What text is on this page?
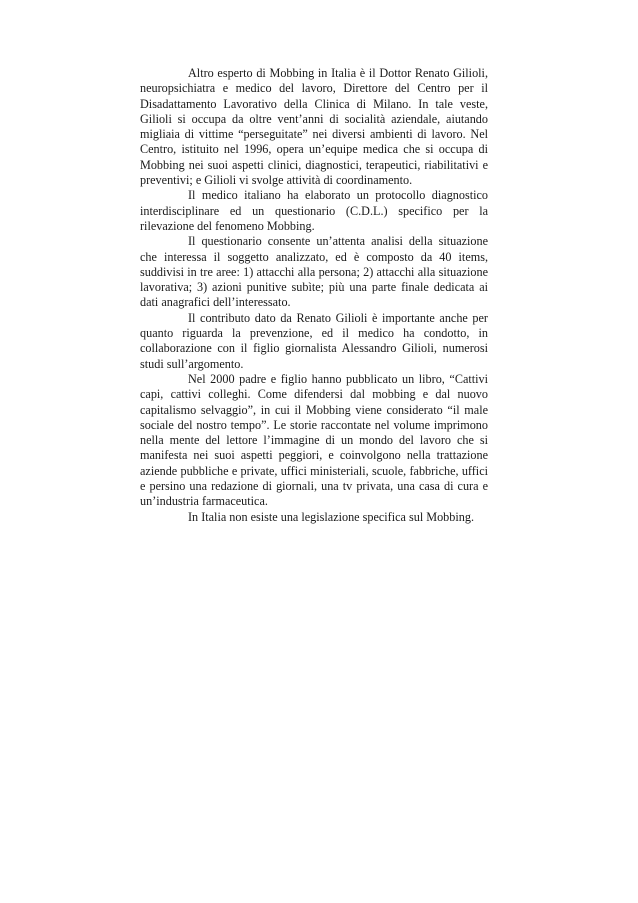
Altro esperto di Mobbing in Italia è il Dottor Renato Gilioli, neuropsichiatra e medico del lavoro, Direttore del Centro per il Disadattamento Lavorativo della Clinica di Milano. In tale veste, Gilioli si occupa da oltre vent’anni di socialità aziendale, aiutando migliaia di vittime “perseguitate” nei diversi ambienti di lavoro. Nel Centro, istituito nel 1996, opera un’equipe medica che si occupa di Mobbing nei suoi aspetti clinici, diagnostici, terapeutici, riabilitativi e preventivi; e Gilioli vi svolge attività di coordinamento.

Il medico italiano ha elaborato un protocollo diagnostico interdisciplinare ed un questionario (C.D.L.) specifico per la rilevazione del fenomeno Mobbing.

Il questionario consente un’attenta analisi della situazione che interessa il soggetto analizzato, ed è composto da 40 items, suddivisi in tre aree: 1) attacchi alla persona; 2) attacchi alla situazione lavorativa; 3) azioni punitive subìte; più una parte finale dedicata ai dati anagrafici dell’interessato.

Il contributo dato da Renato Gilioli è importante anche per quanto riguarda la prevenzione, ed il medico ha condotto, in collaborazione con il figlio giornalista Alessandro Gilioli, numerosi studi sull’argomento.

Nel 2000 padre e figlio hanno pubblicato un libro, “Cattivi capi, cattivi colleghi. Come difendersi dal mobbing e dal nuovo capitalismo selvaggio”, in cui il Mobbing viene considerato “il male sociale del nostro tempo”. Le storie raccontate nel volume imprimono nella mente del lettore l’immagine di un mondo del lavoro che si manifesta nei suoi aspetti peggiori, e coinvolgono nella trattazione aziende pubbliche e private, uffici ministeriali, scuole, fabbriche, uffici e persino una redazione di giornali, una tv privata, una casa di cura e un’industria farmaceutica.

In Italia non esiste una legislazione specifica sul Mobbing.
